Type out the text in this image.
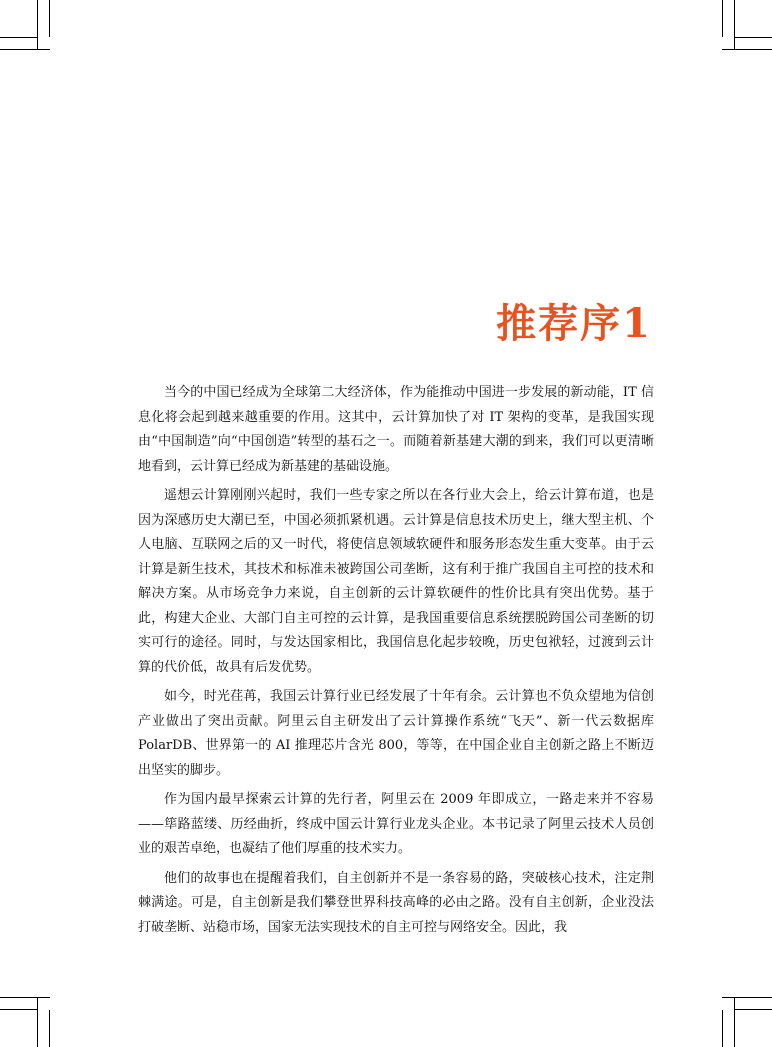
推荐序1

当今的中国已经成为全球第二大经济体，作为能推动中国进一步发展的新动能，IT 信息化将会起到越来越重要的作用。这其中，云计算加快了对 IT 架构的变革，是我国实现由“中国制造”向“中国创造”转型的基石之一。而随着新基建大潮的到来，我们可以更清晰地看到，云计算已经成为新基建的基础设施。

遥想云计算刚刚兴起时，我们一些专家之所以在各行业大会上，给云计算布道，也是因为深感历史大潮已至，中国必须抓紧机遇。云计算是信息技术历史上，继大型主机、个人电脑、互联网之后的又一时代，将使信息领域软硬件和服务形态发生重大变革。由于云计算是新生技术，其技术和标准未被跨国公司垄断，这有利于推广我国自主可控的技术和解决方案。从市场竞争力来说，自主创新的云计算软硬件的性价比具有突出优势。基于此，构建大企业、大部门自主可控的云计算，是我国重要信息系统摆脱跨国公司垄断的切实可行的途径。同时，与发达国家相比，我国信息化起步较晚，历史包袱轻，过渡到云计算的代价低，故具有后发优势。

如今，时光荏苒，我国云计算行业已经发展了十年有余。云计算也不负众望地为信创产业做出了突出贡献。阿里云自主研发出了云计算操作系统“飞天”、新一代云数据库 PolarDB、世界第一的 AI 推理芯片含光 800，等等，在中国企业自主创新之路上不断迈出坚实的脚步。

作为国内最早探索云计算的先行者，阿里云在 2009 年即成立，一路走来并不容易——筚路蓝缕、历经曲折，终成中国云计算行业龙头企业。本书记录了阿里云技术人员创业的艰苦卓绝，也凝结了他们厚重的技术实力。

他们的故事也在提醒着我们，自主创新并不是一条容易的路，突破核心技术，注定荆棘满途。可是，自主创新是我们攀登世界科技高峰的必由之路。没有自主创新，企业没法打破垄断、站稳市场，国家无法实现技术的自主可控与网络安全。因此，我
